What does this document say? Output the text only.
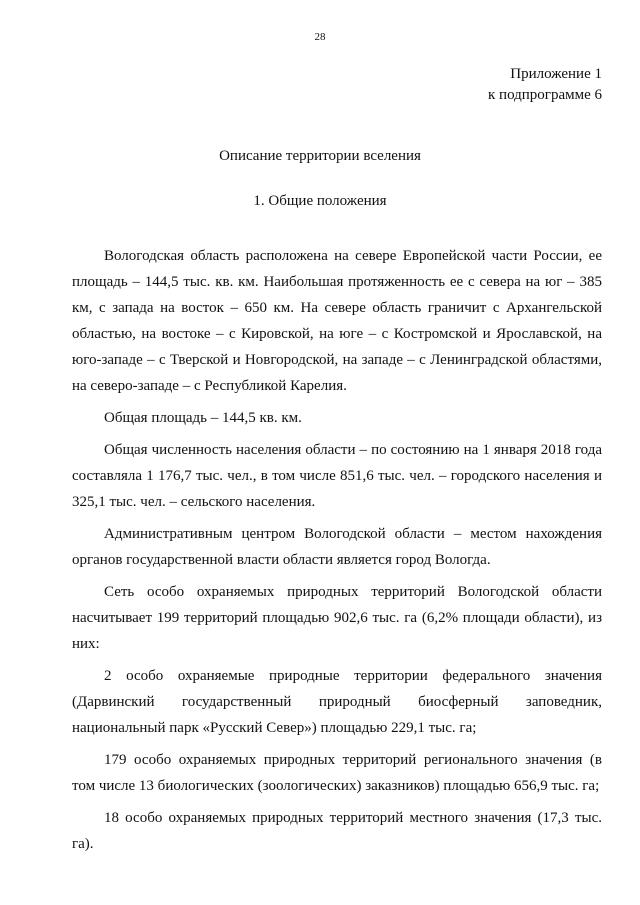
28
Приложение 1
к подпрограмме 6
Описание территории вселения
1. Общие положения

Вологодская область расположена на севере Европейской части России, ее площадь – 144,5 тыс. кв. км. Наибольшая протяженность ее с севера на юг – 385 км, с запада на восток – 650 км. На севере область граничит с Архангельской областью, на востоке – с Кировской, на юге – с Костромской и Ярославской, на юго-западе – с Тверской и Новгородской, на западе – с Ленинградской областями, на северо-западе – с Республикой Карелия.

Общая площадь – 144,5 кв. км.

Общая численность населения области – по состоянию на 1 января 2018 года составляла 1 176,7 тыс. чел., в том числе 851,6 тыс. чел. – городского населения и 325,1 тыс. чел. – сельского населения.

Административным центром Вологодской области – местом нахождения органов государственной власти области является город Вологда.

Сеть особо охраняемых природных территорий Вологодской области насчитывает 199 территорий площадью 902,6 тыс. га (6,2% площади области), из них:

2 особо охраняемые природные территории федерального значения (Дарвинский государственный природный биосферный заповедник, национальный парк «Русский Север») площадью 229,1 тыс. га;

179 особо охраняемых природных территорий регионального значения (в том числе 13 биологических (зоологических) заказников) площадью 656,9 тыс. га;

18 особо охраняемых природных территорий местного значения (17,3 тыс. га).
